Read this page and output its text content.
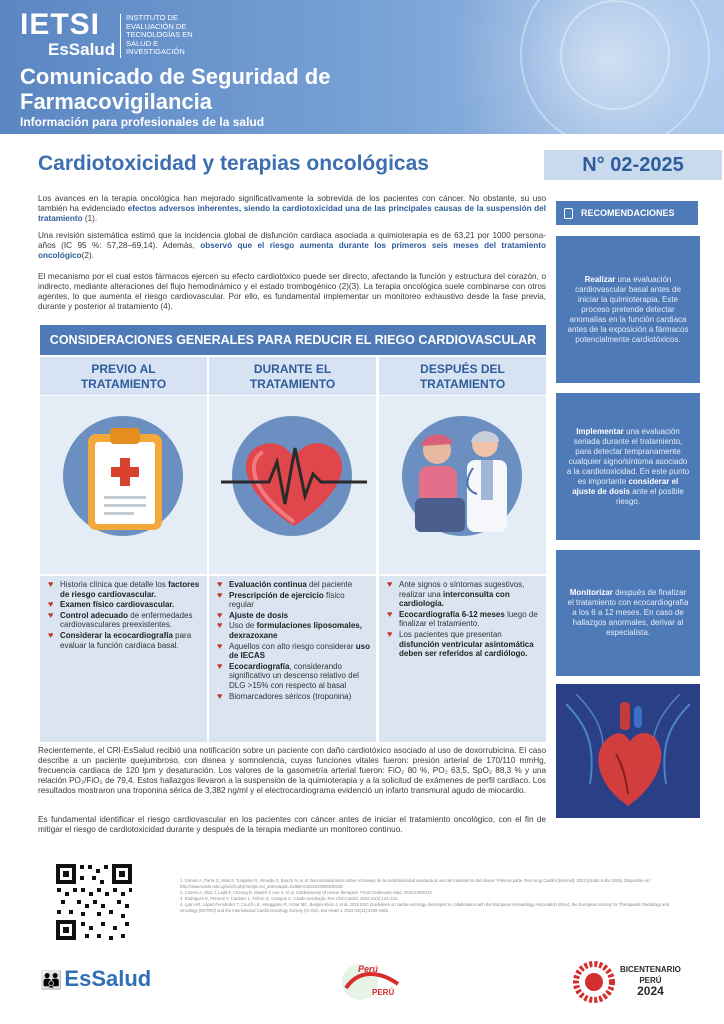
IETSI
EsSalud
INSTITUTO DE EVALUACIÓN DE TECNOLOGÍAS EN SALUD E INVESTIGACIÓN
Comunicado de Seguridad de Farmacovigilancia
Información para profesionales de la salud
Cardiotoxicidad y terapias oncológicas	N° 02-2025
Los avances en la terapia oncológica han mejorado significativamente la sobrevida de los pacientes con cáncer. No obstante, su uso también ha evidenciado efectos adversos inherentes, siendo la cardiotoxicidad una de las principales causas de la suspensión del tratamiento (1).
Una revisión sistemática estimó que la incidencia global de disfunción cardiaca asociada a quimioterapia es de 63,21 por 1000 persona-años (IC 95 %: 57,28–69,14). Además, observó que el riesgo aumenta durante los primeros seis meses del tratamiento oncológico(2).
El mecanismo por el cual estos fármacos ejercen su efecto cardiotóxico puede ser directo, afectando la función y estructura del corazón, o indirecto, mediante alteraciones del flujo hemodinámico y el estado trombogénico (2)(3). La terapia oncológica suele combinarse con otros agentes, lo que aumenta el riesgo cardiovascular. Por ello, es fundamental implementar un monitoreo exhaustivo desde la fase previa, durante y posterior al tratamiento (4).
CONSIDERACIONES GENERALES PARA REDUCIR EL RIEGO CARDIOVASCULAR
PREVIO AL
TRATAMIENTO
DURANTE EL
TRATAMIENTO
DESPUÉS DEL
TRATAMIENTO
♥ Historia clínica que detalle los factores de riesgo cardiovascular.
♥ Examen físico cardiovascular.
♥ Control adecuado de enfermedades cardiovasculares preexistentes.
♥ Considerar la ecocardiografía para evaluar la función cardiaca basal.
♥ Evaluación continua del paciente
♥ Prescripción de ejercicio físico regular
♥ Ajuste de dosis
♥ Uso de formulaciones liposomales, dexrazoxane
♥ Aquellos con alto riesgo considerar uso de IECAS
♥ Ecocardiografía, considerando significativo un descenso relativo del DLG >15% con respecto al basal
♥ Biomarcadores séricos (troponina)
♥ Ante signos o síntomas sugestivos, realizar una interconsulta con cardiología.
♥ Ecocardiografía 6-12 meses luego de finalizar el tratamiento.
♥ Los pacientes que presentan disfunción ventricular asintomática deben ser referidos al cardiólogo.
RECOMENDACIONES
Realizar una evaluación cardiovascular basal antes de iniciar la quimioterapia. Este proceso pretende detectar anomalías en la función cardiaca antes de la exposición a fármacos potencialmente cardiotóxicos.
Implementar una evaluación seriada durante el tratamiento, para detectar tempranamente cualquier signo/síntoma asociado a la cardiotoxicidad. En este punto es importante considerar el ajuste de dosis ante el posible riesgo.
Monitorizar después de finalizar el tratamiento con ecocardiografía a los 6 a 12 meses. En caso de hallazgos anormales, derivar al especialista.
Recientemente, el CRI-EsSalud recibió una notificación sobre un paciente con daño cardiotóxico asociado al uso de doxorrubicina. El caso describe a un paciente quejumbroso, con disnea y somnolencia, cuyas funciones vitales fueron: presión arterial de 170/110 mmHg, frecuencia cardiaca de 120 lpm y desaturación. Los valores de la gasometría arterial fueron: FiO₂ 80 %, PO₂ 63,5, SpO₂ 88,3 % y una relación PO₂/FiO₂ de 79,4. Estos hallazgos llevaron a la suspensión de la quimioterapia y a la solicitud de exámenes de perfil cardiaco. Los resultados mostraron una troponina sérica de 3,382 ng/ml y el electrocardiograma evidenció un infarto transmural agudo de miocardio.
Es fundamental identificar el riesgo cardiovascular en los pacientes con cáncer antes de iniciar el tratamiento oncológico, con el fin de mitigar el riesgo de cardiotoxicidad durante y después de la terapia mediante un monitoreo continuo.
1. Gómez A, Parra G, Islas S, Tungstes R, Almeida S, Bouzzi N, et al. Recomendaciones sobre el manejo de la cardiotoxicidad asociada al uso del tratamiento del cáncer. Primera parte. Rev Urug Cardiol [Internet]. 2023 [citado 6 abr 2025]. Disponible en: http://www.scielo.edu.uy/scielo.php?script=sci_arttext&pid=S1688-04202023000100105
2. Cuomo A, Dlaz J, Ladd F, Cheong D, Maderi T, Lee S, et al. Cardiotoxicity of cancer therapies. Front Cardiovasc Med. 2022;9:908742.
3. Rodrigues D, Perrone F, Cardoso L, Felicio G, Campos C. Cardio-oncología: Rev Chil Cardiol. 2022;41(2):124-133.
4. Lyon AR, López-Fernández T, Couch LS, Asteggiano R, Aznar MC, Bergler-Klein J, et al. 2022 ESC Guidelines on cardio-oncology developed in collaboration with the European Hematology Association (EHA), the European Society for Therapeutic Radiology and Oncology (ESTRO) and the International Cardio-Oncology Society (IC-OS). Eur Heart J. 2022;43(41):4229-4361.
👪EsSalud	Perú
PERÚ
BICENTENARIO
PERÚ
2024
